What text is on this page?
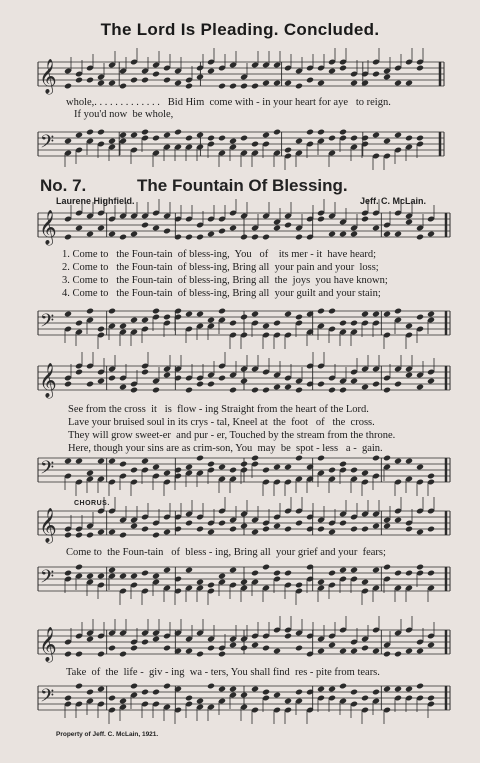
𝄞
𝄢
𝄞
𝄢
𝄞
𝄢
𝄞
𝄢
𝄞
𝄢
The Lord Is Pleading. Concluded.
whole,. . . . . . . . . . . . .   Bid Him  come with - in your heart for aye   to reign.
If you'd now  be whole,
No. 7.	The Fountain Of Blessing.
Laurene Highfield.	Jeff. C. McLain.
1. Come to   the Foun-tain  of bless-ing,  You   of    its mer - it  have heard;
2. Come to   the Foun-tain  of bless-ing, Bring all  your pain and your  loss;
3. Come to   the Foun-tain  of bless-ing, Bring all  the  joys  you have known;
4. Come to   the Foun-tain  of bless-ing, Bring all  your guilt and your stain;
See from the cross  it   is  flow - ing Straight from the heart of the Lord.
Lave your bruised soul in its crys - tal, Kneel at  the  foot   of   the  cross.
They will grow sweet-er  and pur - er, Touched by the stream from the throne.
Here, though your sins are as crim-son, You  may  be  spot - less   a -  gain.
CHORUS.
Come to  the Foun-tain   of  bless - ing, Bring all  your grief and your  fears;
Take  of  the  life -  giv - ing  wa - ters, You shall find  res - pite from tears.
Property of Jeff. C. McLain, 1921.
